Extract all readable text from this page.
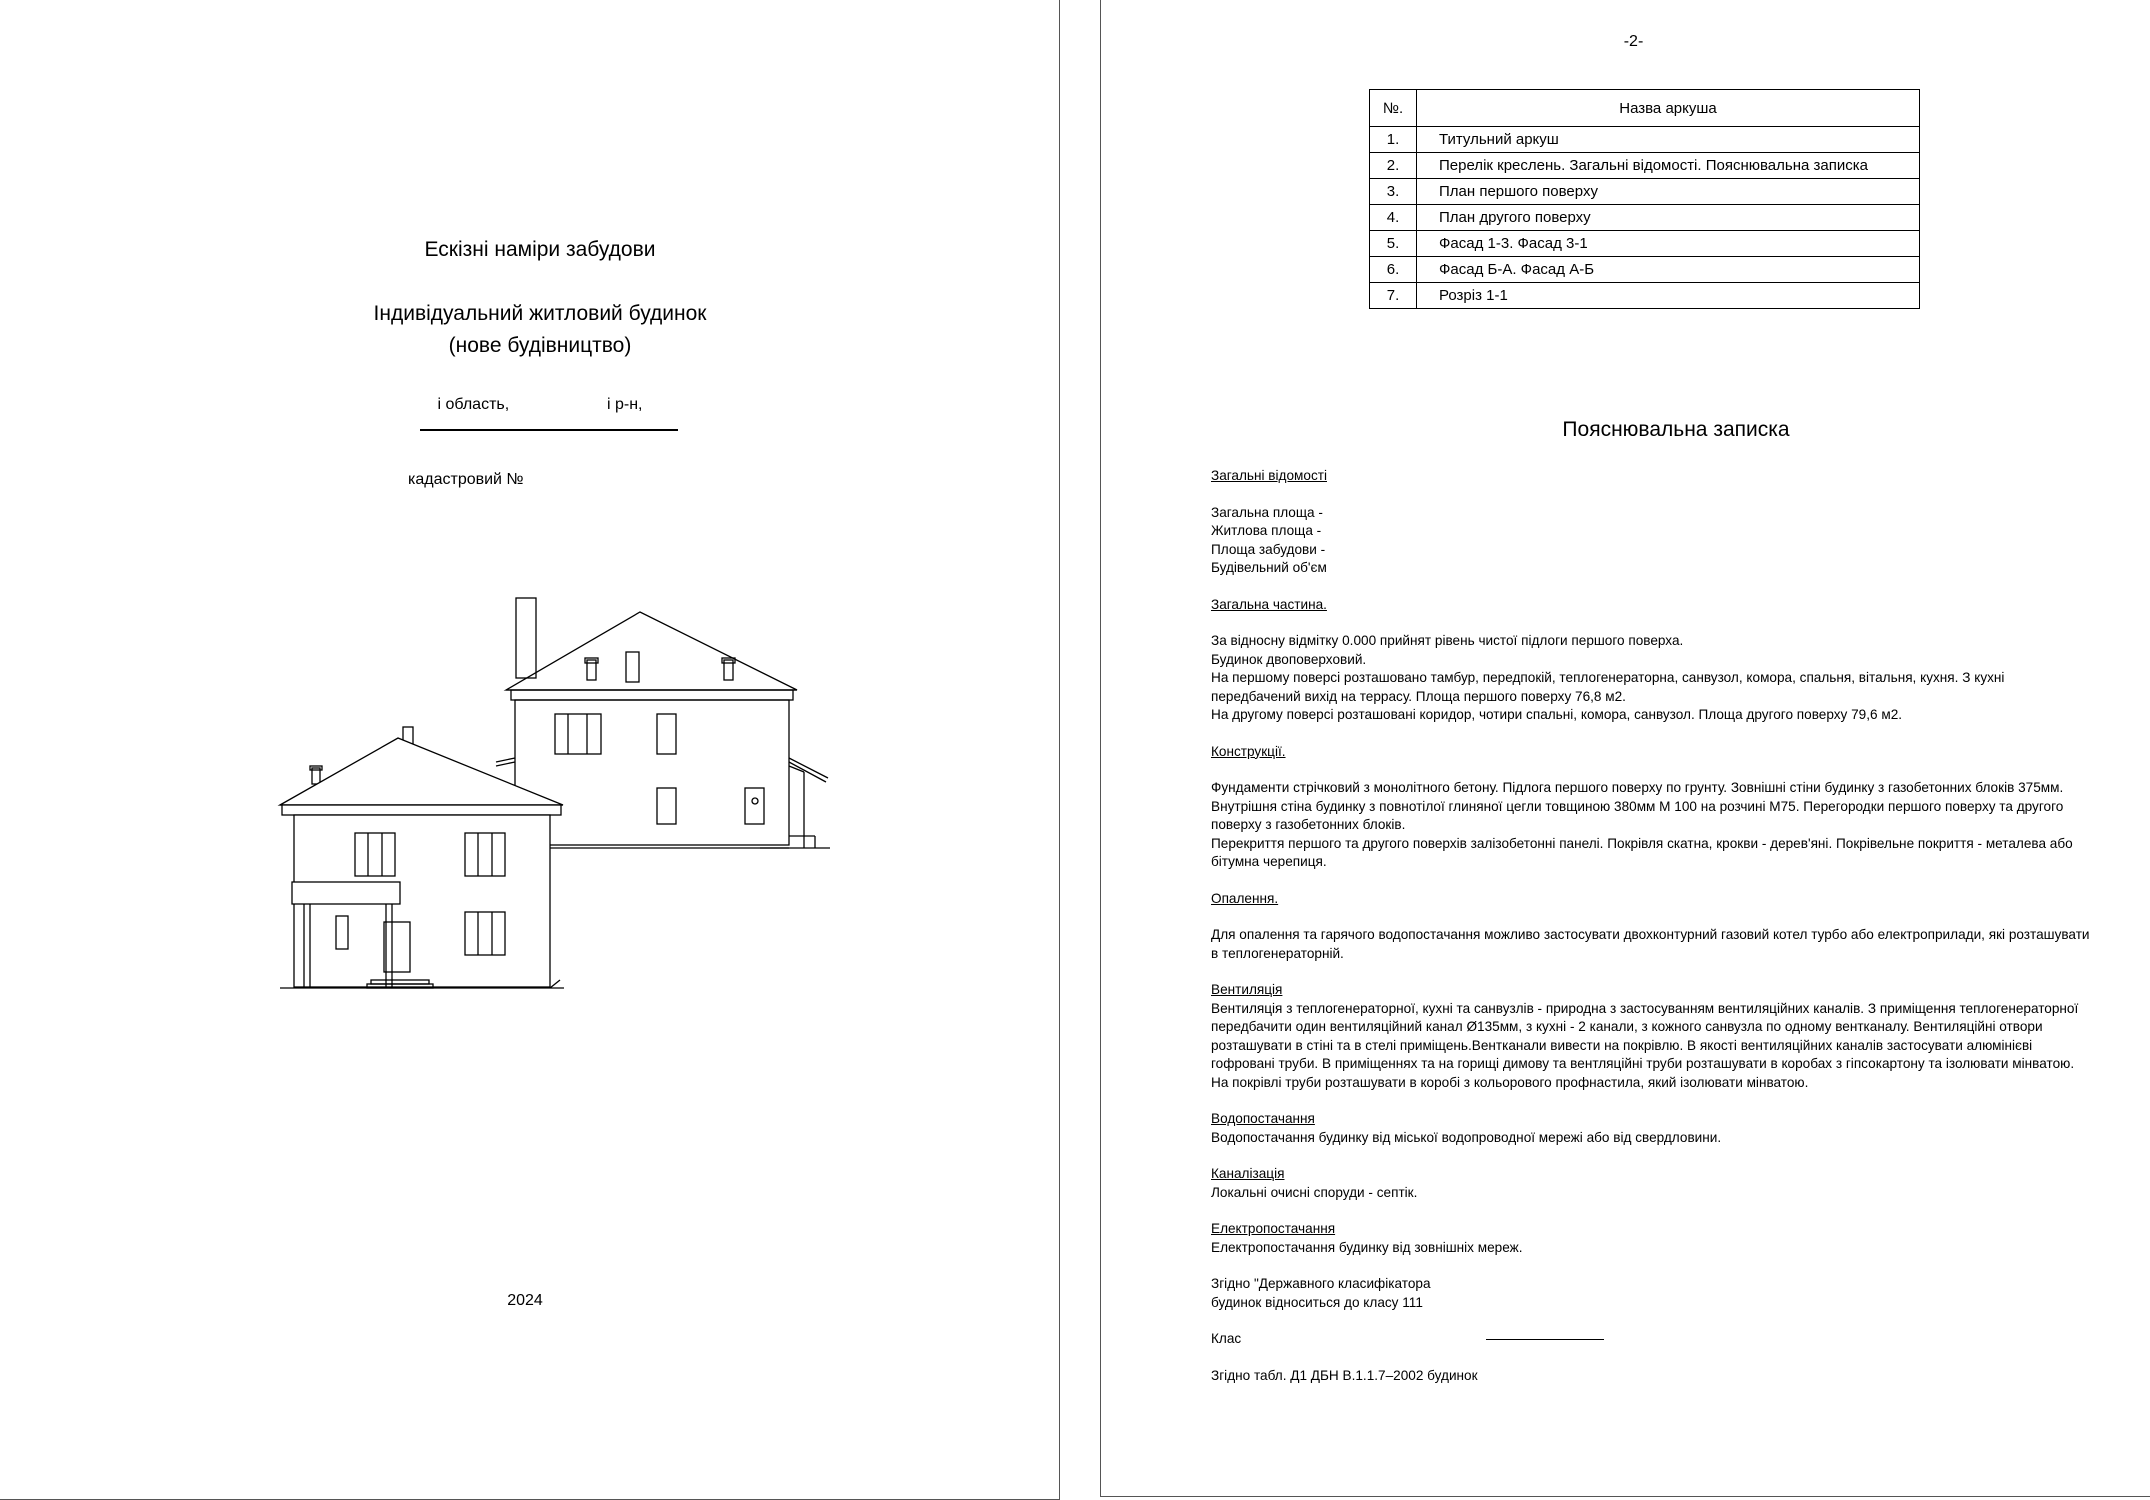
Ескізні наміри забудови
Індивідуальний житловий будинок
(нове будівництво)
і область,                      і р-н,
кадастровий №
2024
-2-
№.	Назва аркуша
1.	Титульний аркуш
2.	Перелік креслень. Загальні відомості. Пояснювальна записка
3.	План першого поверху
4.	План другого поверху
5.	Фасад 1-3. Фасад 3-1
6.	Фасад Б-А. Фасад А-Б
7.	Розріз 1-1
Пояснювальна записка
Загальні відомості
Загальна площа -
Житлова площа -
Площа забудови -
Будівельний об'єм
Загальна частина.
За відносну відмітку 0.000 прийнят рівень чистої підлоги першого поверха.
Будинок двоповерховий.
На першому поверсі розташовано тамбур, передпокій, теплогенераторна, санвузол, комора, спальня, вітальня, кухня. З кухні передбачений вихід на террасу. Площа першого поверху 76,8 м2.
На другому поверсі розташовані коридор, чотири спальні, комора, санвузол. Площа другого поверху 79,6 м2.
Конструкції.
Фундаменти стрічковий з монолітного бетону. Підлога першого поверху по грунту. Зовнішні стіни будинку з газобетонних блоків 375мм. Внутрішня стіна будинку з повнотілої глиняної цегли товщиною 380мм М 100 на розчині М75. Перегородки першого поверху та другого поверху з газобетонних блоків.
Перекриття першого та другого поверхів залізобетонні панелі. Покрівля скатна, крокви - дерев'яні. Покрівельне покриття - металева або бітумна черепиця.
Опалення.
Для опалення та гарячого водопостачання можливо застосувати двохконтурний газовий котел турбо або електроприлади, які розташувати в теплогенераторній.
Вентиляція
Вентиляція з теплогенераторної, кухні та санвузлів - природна з застосуванням вентиляційних каналів. З приміщення теплогенераторної передбачити один вентиляційний канал Ø135мм, з кухні - 2 канали, з кожного санвузла по одному вентканалу. Вентиляційні отвори розташувати в стіні та в стелі приміщень.Вентканали вивести на покрівлю. В якості вентиляційних каналів застосувати алюмінієві гофровані труби. В приміщеннях та на горищі димову та вентляційні труби розташувати в коробах з гіпсокартону та ізолювати мінватою. На покрівлі труби розташувати в коробі з кольорового профнастила, який ізолювати мінватою.
Водопостачання
Водопостачання будинку від міської водопроводної мережі або від свердловини.
Каналізація
Локальні очисні споруди - септік.
Електропостачання
Електропостачання будинку від зовнішніх мереж.
Згідно "Державного класифікатора
будинок відноситься до класу 111
Клас
Згідно табл. Д1 ДБН В.1.1.7–2002 будинок
